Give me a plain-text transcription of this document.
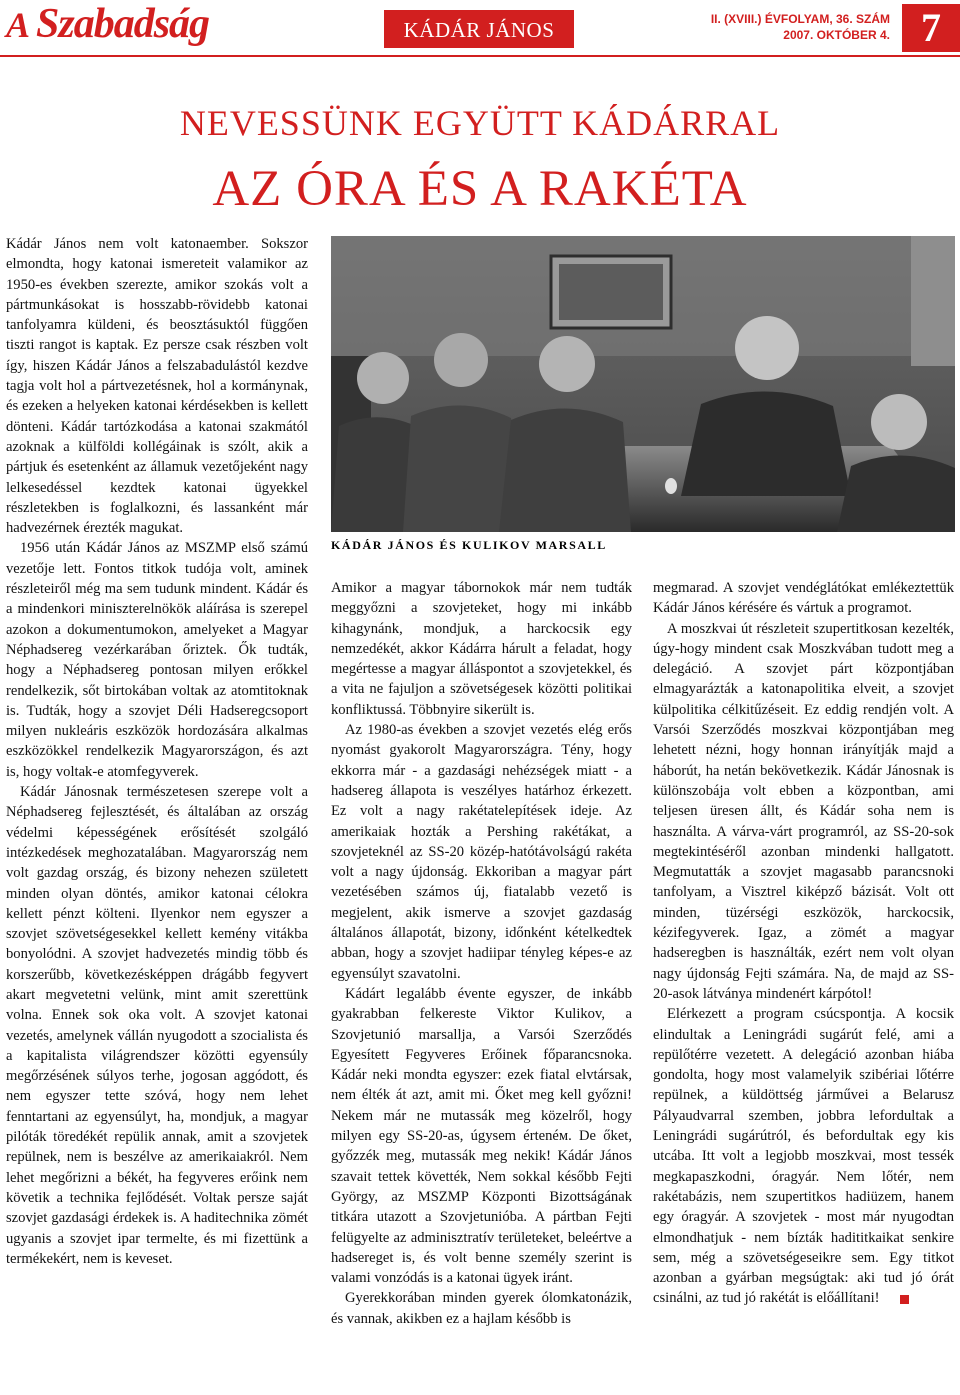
A Szabadság	KÁDÁR JÁNOS	II. (XVIII.) ÉVFOLYAM, 36. SZÁM
2007. OKTÓBER 4. 7
NEVESSÜNK EGYÜTT KÁDÁRRAL
AZ ÓRA ÉS A RAKÉTA
KÁDÁR JÁNOS ÉS KULIKOV MARSALL

Kádár János nem volt katonaember. Sokszor elmondta, hogy katonai ismereteit valamikor az 1950-es években szerezte, amikor szokás volt a pártmunkásokat is hosszabb-rövidebb katonai tanfolyamra küldeni, és beosztásuktól függően tiszti rangot is kaptak. Ez persze csak részben volt így, hiszen Kádár János a felszabadulástól kezdve tagja volt hol a pártvezetésnek, hol a kormánynak, és ezeken a helyeken katonai kérdésekben is kellett dönteni. Kádár tartózkodása a katonai szakmától azoknak a külföldi kollégáinak is szólt, akik a pártjuk és esetenként az államuk vezetőjeként nagy lelkesedéssel kezdtek katonai ügyekkel részletekben is foglalkozni, és lassanként már hadvezérnek érezték magukat.

1956 után Kádár János az MSZMP első számú vezetője lett. Fontos titkok tudója volt, aminek részleteiről még ma sem tudunk mindent. Kádár és a mindenkori miniszterelnökök aláírása is szerepel azokon a dokumentumokon, amelyeket a Magyar Néphadsereg vezérkarában őriztek. Ők tudták, hogy a Néphadsereg pontosan milyen erőkkel rendelkezik, sőt birtokában voltak az atomtitoknak is. Tudták, hogy a szovjet Déli Hadseregcsoport milyen nukleáris eszközök hordozására alkalmas eszközökkel rendelkezik Magyarországon, és azt is, hogy voltak-e atomfegyverek.

Kádár Jánosnak természetesen szerepe volt a Néphadsereg fejlesztését, és általában az ország védelmi képességének erősítését szolgáló intézkedések meghozatalában. Magyarország nem volt gazdag ország, és bizony nehezen született minden olyan döntés, amikor katonai célokra kellett pénzt költeni. Ilyenkor nem egyszer a szovjet szövetségesekkel kellett kemény vitákba bonyolódni. A szovjet hadvezetés mindig több és korszerűbb, következésképpen drágább fegyvert akart megvetetni velünk, mint amit szerettünk volna. Ennek sok oka volt. A szovjet katonai vezetés, amelynek vállán nyugodott a szocialista és a kapitalista világrendszer közötti egyensúly megőrzésének súlyos terhe, jogosan aggódott, és nem egyszer tette szóvá, hogy nem lehet fenntartani az egyensúlyt, ha, mondjuk, a magyar pilóták töredékét repülik annak, amit a szovjetek repülnek, nem is beszélve az amerikaiakról. Nem lehet megőrizni a békét, ha fegyveres erőink nem követik a technika fejlődését. Voltak persze saját szovjet gazdasági érdekek is. A haditechnika zömét ugyanis a szovjet ipar termelte, és mi fizettünk a termékekért, nem is keveset.

Amikor a magyar tábornokok már nem tudták meggyőzni a szovjeteket, hogy mi inkább kihagynánk, mondjuk, a harckocsik egy nemzedékét, akkor Kádárra hárult a feladat, hogy megértesse a magyar álláspontot a szovjetekkel, és a vita ne fajuljon a szövetségesek közötti politikai konfliktussá. Többnyire sikerült is.

Az 1980-as években a szovjet vezetés elég erős nyomást gyakorolt Magyarországra. Tény, hogy ekkorra már - a gazdasági nehézségek miatt - a hadsereg állapota is veszélyes határhoz érkezett. Ez volt a nagy rakétatelepítések ideje. Az amerikaiak hozták a Pershing rakétákat, a szovjeteknél az SS-20 közép-hatótávolságú rakéta volt a nagy újdonság. Ekkoriban a magyar párt vezetésében számos új, fiatalabb vezető is megjelent, akik ismerve a szovjet gazdaság általános állapotát, bizony, időnként kételkedtek abban, hogy a szovjet hadiipar tényleg képes-e az egyensúlyt szavatolni.

Kádárt legalább évente egyszer, de inkább gyakrabban felkereste Viktor Kulikov, a Szovjetunió marsallja, a Varsói Szerződés Egyesített Fegyveres Erőinek főparancsnoka. Kádár neki mondta egyszer: ezek fiatal elvtársak, nem élték át azt, amit mi. Őket meg kell győzni! Nekem már ne mutassák meg közelről, hogy milyen egy SS-20-as, úgysem értenéм. De őket, győzzék meg, mutassák meg nekik! Kádár János szavait tettek követték, Nem sokkal később Fejti György, az MSZMP Központi Bizottságának titkára utazott a Szovjetunióba. A pártban Fejti felügyelte az adminisztratív területeket, beleértve a hadsereget is, és volt benne személy szerint is valami vonzódás is a katonai ügyek iránt.

Gyerekkorában minden gyerek ólomkatonázik, és vannak, akikben ez a hajlam később is

megmarad. A szovjet vendéglátókat emlékeztettük Kádár János kérésére és vártuk a programot.

A moszkvai út részleteit szupertitkosan kezelték, úgy-hogy mindent csak Moszkvában tudott meg a delegáció. A szovjet párt központjában elmagyarázták a katonapolitika elveit, a szovjet külpolitika célkitűzéseit. Ez eddig rendjén volt. A Varsói Szerződés moszkvai központjában meg lehetett nézni, hogy honnan irányítják majd a háborút, ha netán bekövetkezik. Kádár Jánosnak is különszobája volt ebben a központban, ami teljesen üresen állt, és Kádár soha nem is használta. A várva-várt programról, az SS-20-sok megtekintéséről azonban mindenki hallgatott. Megmutatták a szovjet magasabb parancsnoki tanfolyam, a Visztrel kiképző bázisát. Volt ott minden, tüzérségi eszközök, harckocsik, kézifegyverek. Igaz, a zömét a magyar hadseregben is használták, ezért nem volt olyan nagy újdonság Fejti számára. Na, de majd az SS-20-asok látványa mindenért kárpótol!

Elérkezett a program csúcspontja. A kocsik elindultak a Leningrádi sugárút felé, ami a repülőtérre vezetett. A delegáció azonban hiába gondolta, hogy most valamelyik szibériai lőtérre repülnek, a küldöttség járművei a Belarusz Pályaudvarral szemben, jobbra lefordultak a Leningrádi sugárútról, és befordultak egy kis utcába. Itt volt a legjobb moszkvai, most tessék megkapaszkodni, óragyár. Nem lőtér, nem rakétabázis, nem szupertitkos hadiüzem, hanem egy óragyár. A szovjetek - most már nyugodtan elmondhatjuk - nem bízták hadititkaikat senkire sem, még a szövetségeseikre sem. Egy titkot azonban a gyárban megsúgtak: aki tud jó órát csinálni, az tud jó rakétát is előállítani!
